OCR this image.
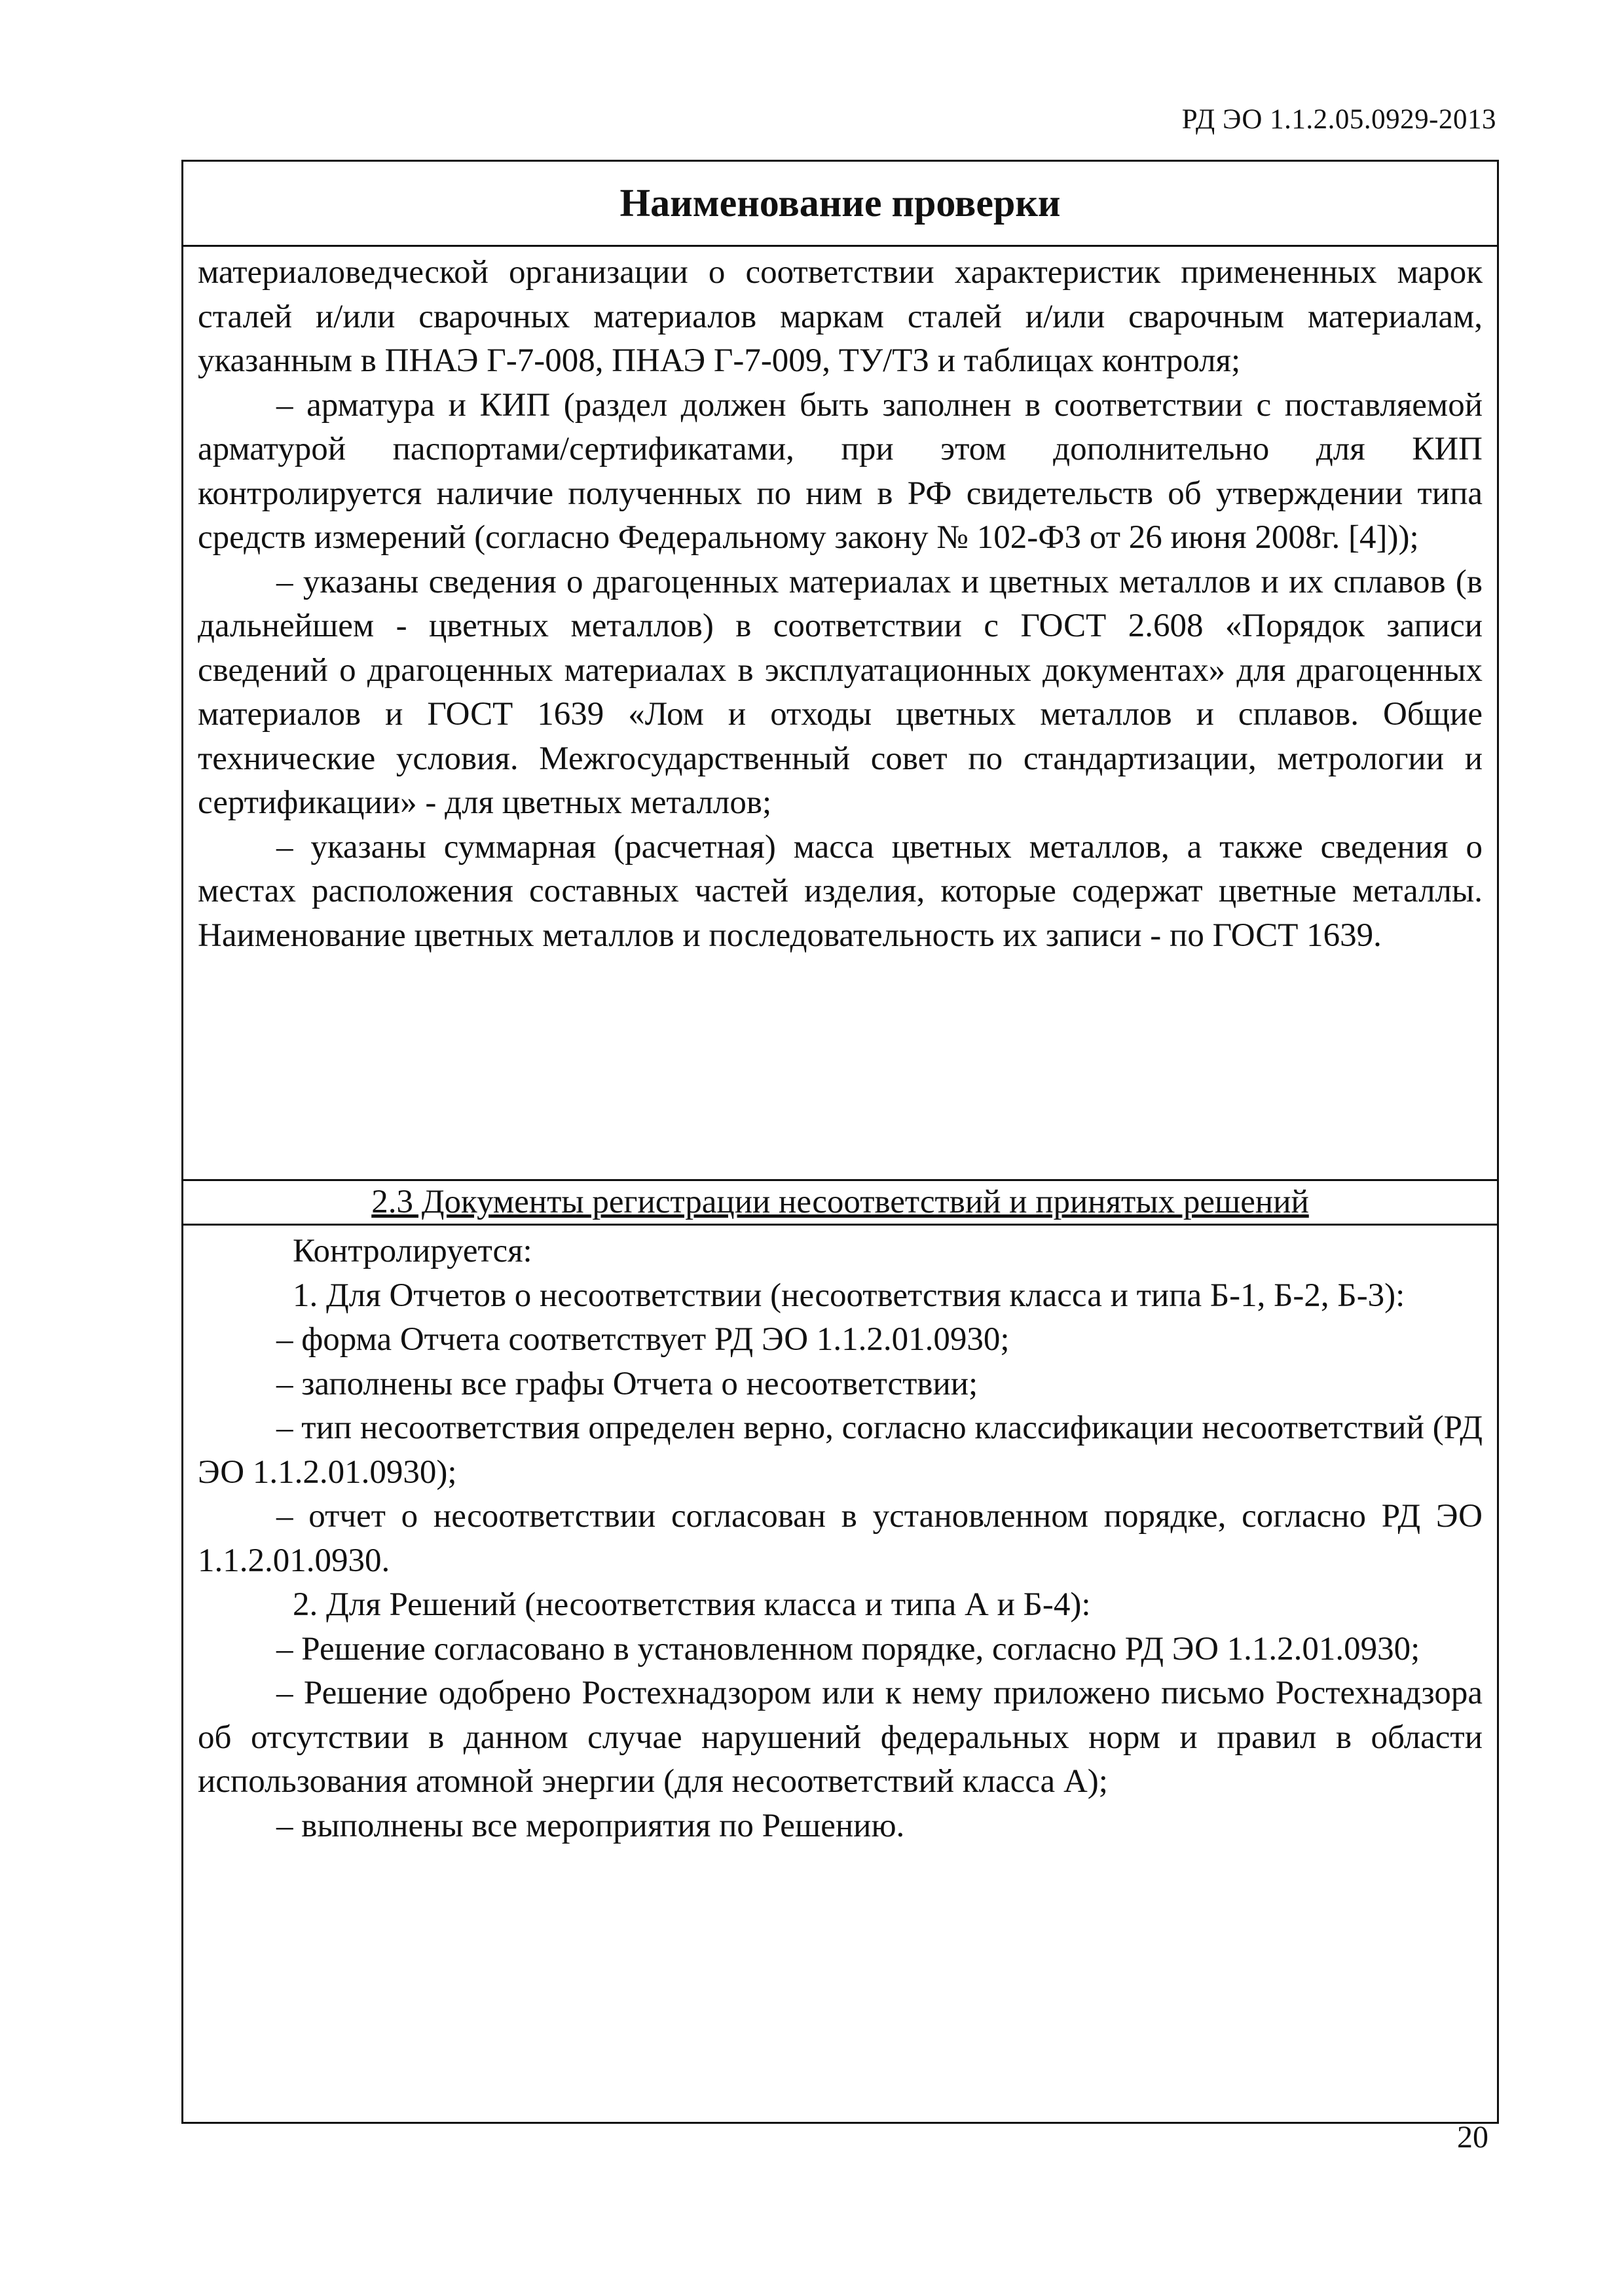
РД ЭО 1.1.2.05.0929-2013
Наименование проверки

материаловедческой организации о соответствии характеристик примененных марок сталей и/или сварочных материалов маркам сталей и/или сварочным материалам, указанным в ПНАЭ Г-7-008, ПНАЭ Г-7-009, ТУ/ТЗ и таблицах контроля;

– арматура и КИП (раздел должен быть заполнен в соответствии с поставляемой арматурой паспортами/сертификатами, при этом дополнительно для КИП контролируется наличие полученных по ним в РФ свидетельств об утверждении типа средств измерений (согласно Федеральному закону № 102-ФЗ от 26 июня 2008г. [4]));

– указаны сведения о драгоценных материалах и цветных металлов и их сплавов (в дальнейшем - цветных металлов) в соответствии с ГОСТ 2.608 «Порядок записи сведений о драгоценных материалах в эксплуатационных документах» для драгоценных материалов и ГОСТ 1639 «Лом и отходы цветных металлов и сплавов. Общие технические условия. Межгосударственный совет по стандартизации, метрологии и сертификации» - для цветных металлов;

– указаны суммарная (расчетная) масса цветных металлов, а также сведения о местах расположения составных частей изделия, которые содержат цветные металлы. Наименование цветных металлов и последовательность их записи - по ГОСТ 1639.

2.3 Документы регистрации несоответствий и принятых решений

Контролируется:

1. Для Отчетов о несоответствии (несоответствия класса и типа Б-1, Б-2, Б-3):

– форма Отчета соответствует РД ЭО 1.1.2.01.0930;

– заполнены все графы Отчета о несоответствии;

– тип несоответствия определен верно, согласно классификации несоответствий (РД ЭО 1.1.2.01.0930);

– отчет о несоответствии согласован в установленном порядке, согласно РД ЭО 1.1.2.01.0930.

2. Для Решений (несоответствия класса и типа А и Б-4):

– Решение согласовано в установленном порядке, согласно РД ЭО 1.1.2.01.0930;

– Решение одобрено Ростехнадзором или к нему приложено письмо Ростехнадзора об отсутствии в данном случае нарушений федеральных норм и правил в области использования атомной энергии (для несоответствий класса А);

– выполнены все мероприятия по Решению.

20
